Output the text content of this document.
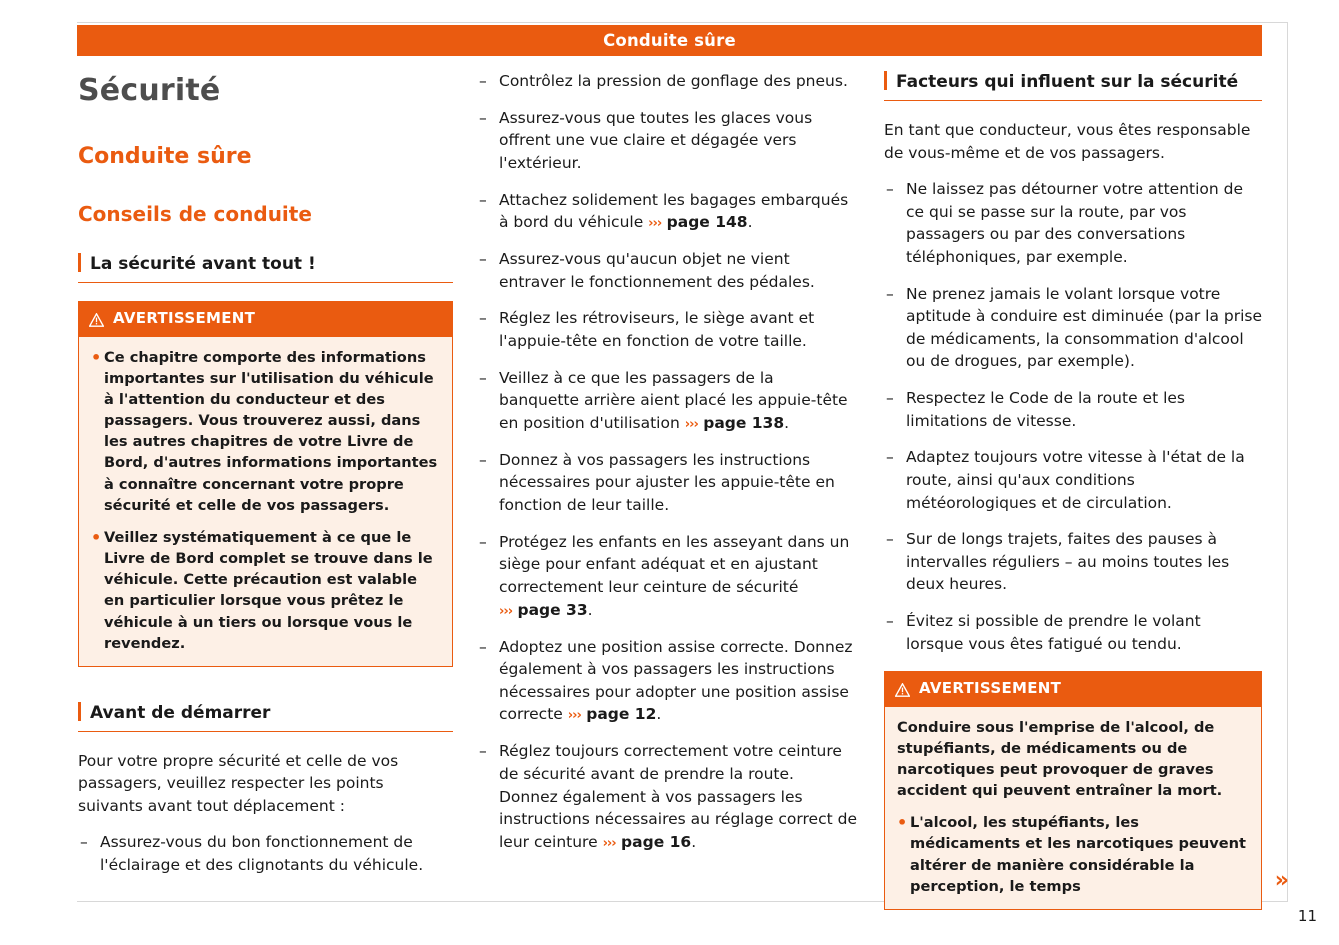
Conduite sûre
Sécurité
Conduite sûre
Conseils de conduite
La sécurité avant tout !
AVERTISSEMENT

• Ce chapitre comporte des informations importantes sur l'utilisation du véhicule à l'attention du conducteur et des passagers. Vous trouverez aussi, dans les autres chapitres de votre Livre de Bord, d'autres informations importantes à connaître concernant votre propre sécurité et celle de vos passagers.

• Veillez systématiquement à ce que le Livre de Bord complet se trouve dans le véhicule. Cette précaution est valable en particulier lorsque vous prêtez le véhicule à un tiers ou lorsque vous le revendez.

Avant de démarrer

Pour votre propre sécurité et celle de vos passagers, veuillez respecter les points suivants avant tout déplacement :

– Assurez-vous du bon fonctionnement de l'éclairage et des clignotants du véhicule.
– Contrôlez la pression de gonflage des pneus.
– Assurez-vous que toutes les glaces vous offrent une vue claire et dégagée vers l'extérieur.
– Attachez solidement les bagages embarqués à bord du véhicule ››› page 148.
– Assurez-vous qu'aucun objet ne vient entraver le fonctionnement des pédales.
– Réglez les rétroviseurs, le siège avant et l'appuie-tête en fonction de votre taille.
– Veillez à ce que les passagers de la banquette arrière aient placé les appuie-tête en position d'utilisation ››› page 138.
– Donnez à vos passagers les instructions nécessaires pour ajuster les appuie-tête en fonction de leur taille.
– Protégez les enfants en les asseyant dans un siège pour enfant adéquat et en ajustant correctement leur ceinture de sécurité ››› page 33.
– Adoptez une position assise correcte. Donnez également à vos passagers les instructions nécessaires pour adopter une position assise correcte ››› page 12.
– Réglez toujours correctement votre ceinture de sécurité avant de prendre la route. Donnez également à vos passagers les instructions nécessaires au réglage correct de leur ceinture ››› page 16.
Facteurs qui influent sur la sécurité

En tant que conducteur, vous êtes responsable de vous-même et de vos passagers.

– Ne laissez pas détourner votre attention de ce qui se passe sur la route, par vos passagers ou par des conversations téléphoniques, par exemple.
– Ne prenez jamais le volant lorsque votre aptitude à conduire est diminuée (par la prise de médicaments, la consommation d'alcool ou de drogues, par exemple).
– Respectez le Code de la route et les limitations de vitesse.
– Adaptez toujours votre vitesse à l'état de la route, ainsi qu'aux conditions météorologiques et de circulation.
– Sur de longs trajets, faites des pauses à intervalles réguliers – au moins toutes les deux heures.
– Évitez si possible de prendre le volant lorsque vous êtes fatigué ou tendu.
AVERTISSEMENT

Conduire sous l'emprise de l'alcool, de stupéfiants, de médicaments ou de narcotiques peut provoquer de graves accident qui peuvent entraîner la mort.

• L'alcool, les stupéfiants, les médicaments et les narcotiques peuvent altérer de manière considérable la perception, le temps	»
11
